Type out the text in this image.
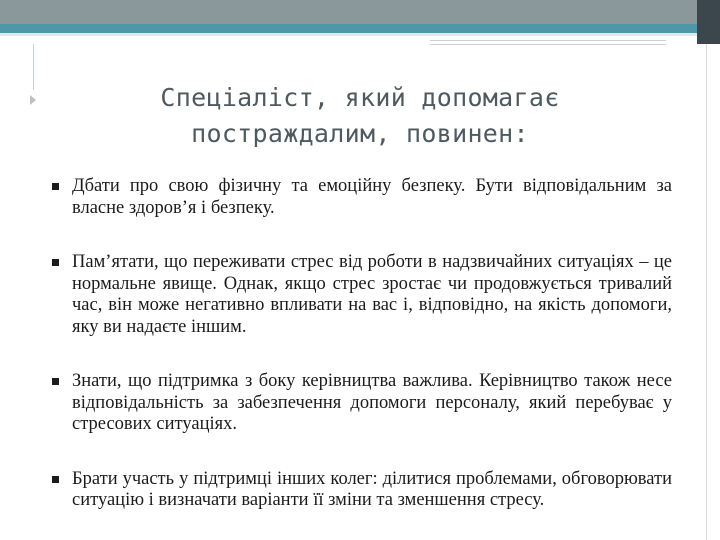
Спеціаліст, який допомагає постраждалим, повинен:
Дбати про свою фізичну та емоційну безпеку. Бути відповідальним за власне здоров’я і безпеку.
Пам’ятати, що переживати стрес від роботи в надзвичайних ситуаціях – це нормальне явище. Однак, якщо стрес зростає чи продовжується тривалий час, він може негативно впливати на вас і, відповідно, на якість допомоги, яку ви надаєте іншим.
Знати, що підтримка з боку керівництва важлива. Керівництво також несе відповідальність за забезпечення допомоги персоналу, який перебуває у стресових ситуаціях.
Брати участь у підтримці інших колег: ділитися проблемами, обговорювати ситуацію і визначати варіанти її зміни та зменшення стресу.
